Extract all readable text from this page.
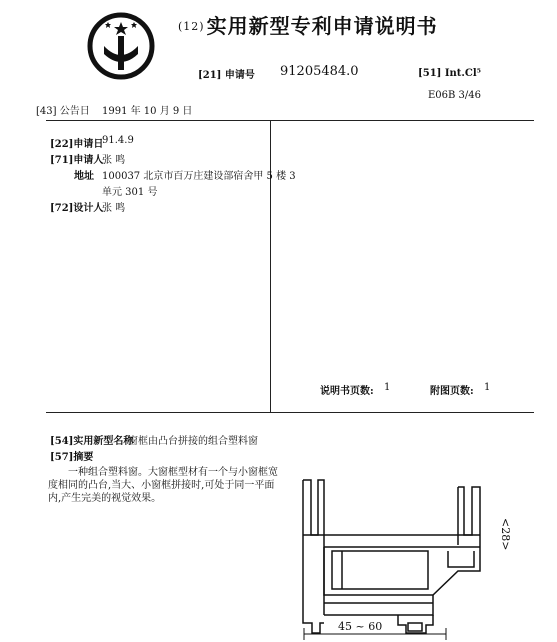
(12) 实用新型专利申请说明书
[21] 申请号 91205484.0	[51] Int.Cl⁵
E06B 3/46
[43] 公告日 1991 年 10 月 9 日
[22]申请日
91.4.9
[71]申请人
张 鸣
地址 100037 北京市百万庄建设部宿舍甲 5 楼 3
单元 301 号
[72]设计人
张 鸣
说明书页数: 1	附图页数: 1
[54]实用新型名称
窗框由凸台拼接的组合塑料窗
[57]摘要
一种组合塑料窗。大窗框型材有一个与小窗框宽度相同的凸台,当大、小窗框拼接时,可处于同一平面内,产生完美的视觉效果。
45 ~ 60
<28>
